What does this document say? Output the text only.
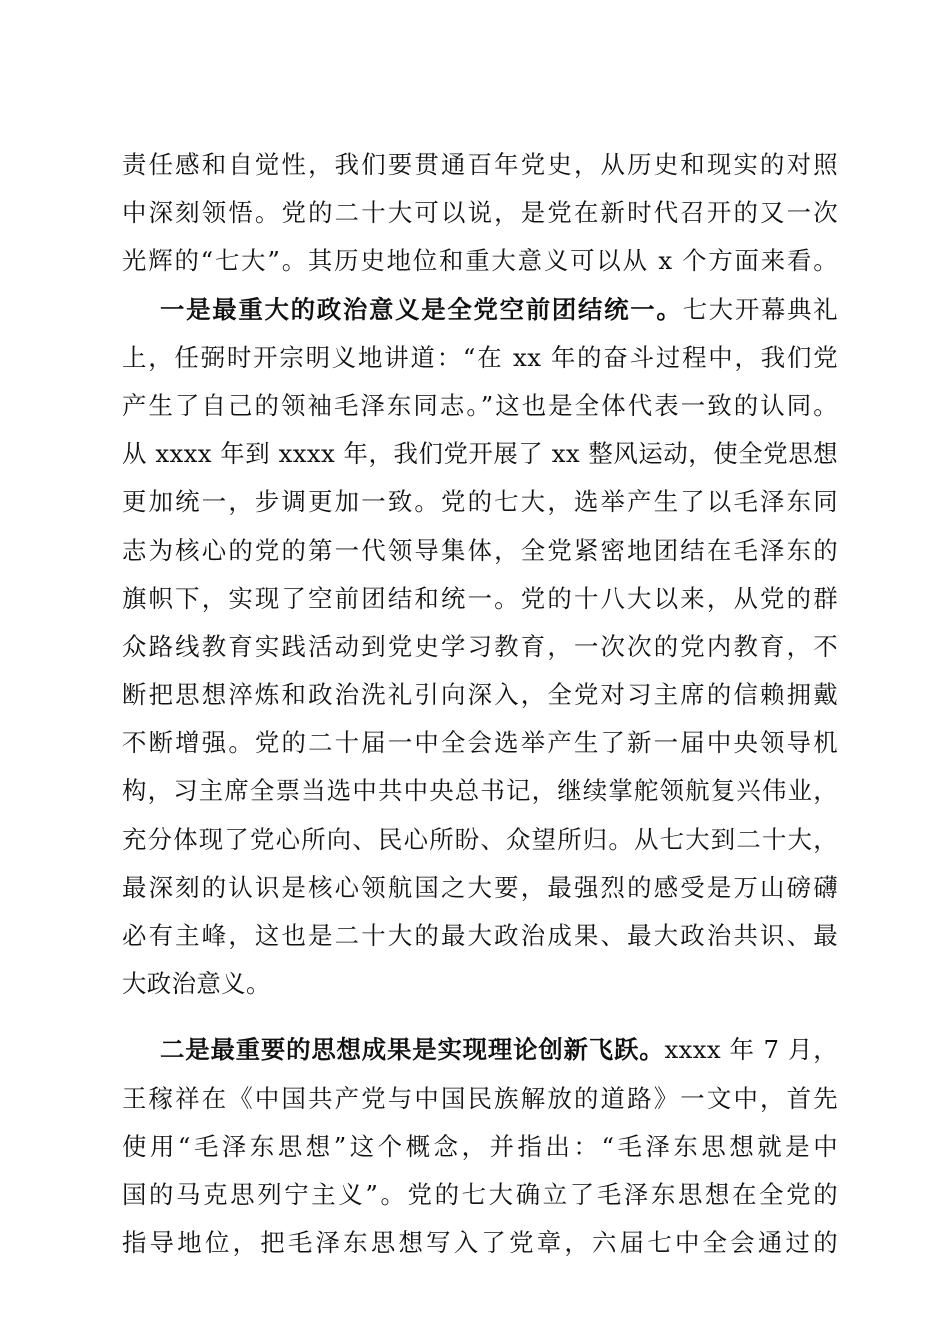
责任感和自觉性，我们要贯通百年党史，从历史和现实的对照
中深刻领悟。党的二十大可以说，是党在新时代召开的又一次
光辉的“七大”。其历史地位和重大意义可以从 x 个方面来看。
一是最重大的政治意义是全党空前团结统一。七大开幕典礼
上，任弼时开宗明义地讲道：“在 xx 年的奋斗过程中，我们党
产生了自己的领袖毛泽东同志。”这也是全体代表一致的认同。
从 xxxx 年到 xxxx 年，我们党开展了 xx 整风运动，使全党思想
更加统一，步调更加一致。党的七大，选举产生了以毛泽东同
志为核心的党的第一代领导集体，全党紧密地团结在毛泽东的
旗帜下，实现了空前团结和统一。党的十八大以来，从党的群
众路线教育实践活动到党史学习教育，一次次的党内教育，不
断把思想淬炼和政治洗礼引向深入，全党对习主席的信赖拥戴
不断增强。党的二十届一中全会选举产生了新一届中央领导机
构，习主席全票当选中共中央总书记，继续掌舵领航复兴伟业，
充分体现了党心所向、民心所盼、众望所归。从七大到二十大，
最深刻的认识是核心领航国之大要，最强烈的感受是万山磅礴
必有主峰，这也是二十大的最大政治成果、最大政治共识、最
大政治意义。
二是最重要的思想成果是实现理论创新飞跃。xxxx 年 7 月，
王稼祥在《中国共产党与中国民族解放的道路》一文中，首先
使用“毛泽东思想”这个概念，并指出：“毛泽东思想就是中
国的马克思列宁主义”。党的七大确立了毛泽东思想在全党的
指导地位，把毛泽东思想写入了党章，六届七中全会通过的
